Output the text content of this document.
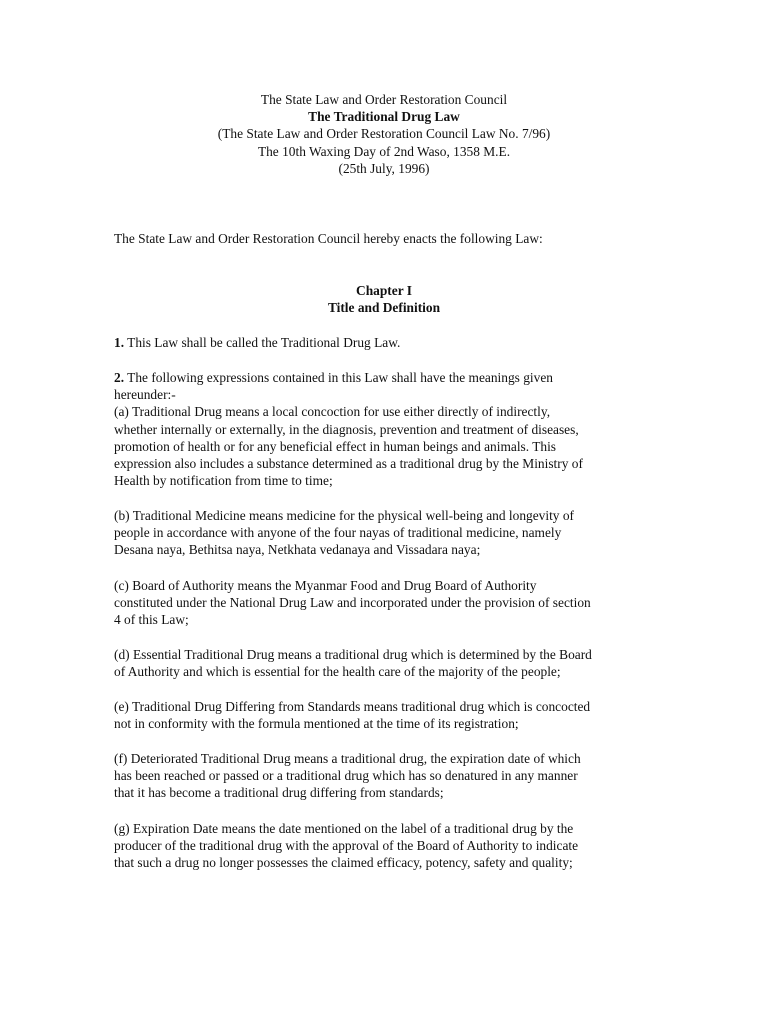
The State Law and Order Restoration Council
The Traditional Drug Law
(The State Law and Order Restoration Council Law No. 7/96)
The 10th Waxing Day of 2nd Waso, 1358 M.E.
(25th July, 1996)
The State Law and Order Restoration Council hereby enacts the following Law:
Chapter I
Title and Definition
1. This Law shall be called the Traditional Drug Law.
2. The following expressions contained in this Law shall have the meanings given
hereunder:-
(a) Traditional Drug means a local concoction for use either directly of indirectly,
whether internally or externally, in the diagnosis, prevention and treatment of diseases,
promotion of health or for any beneficial effect in human beings and animals. This
expression also includes a substance determined as a traditional drug by the Ministry of
Health by notification from time to time;
(b) Traditional Medicine means medicine for the physical well-being and longevity of
people in accordance with anyone of the four nayas of traditional medicine, namely
Desana naya, Bethitsa naya, Netkhata vedanaya and Vissadara naya;
(c) Board of Authority means the Myanmar Food and Drug Board of Authority
constituted under the National Drug Law and incorporated under the provision of section
4 of this Law;
(d) Essential Traditional Drug means a traditional drug which is determined by the Board
of Authority and which is essential for the health care of the majority of the people;
(e) Traditional Drug Differing from Standards means traditional drug which is concocted
not in conformity with the formula mentioned at the time of its registration;
(f) Deteriorated Traditional Drug means a traditional drug, the expiration date of which
has been reached or passed or a traditional drug which has so denatured in any manner
that it has become a traditional drug differing from standards;
(g) Expiration Date means the date mentioned on the label of a traditional drug by the
producer of the traditional drug with the approval of the Board of Authority to indicate
that such a drug no longer possesses the claimed efficacy, potency, safety and quality;
